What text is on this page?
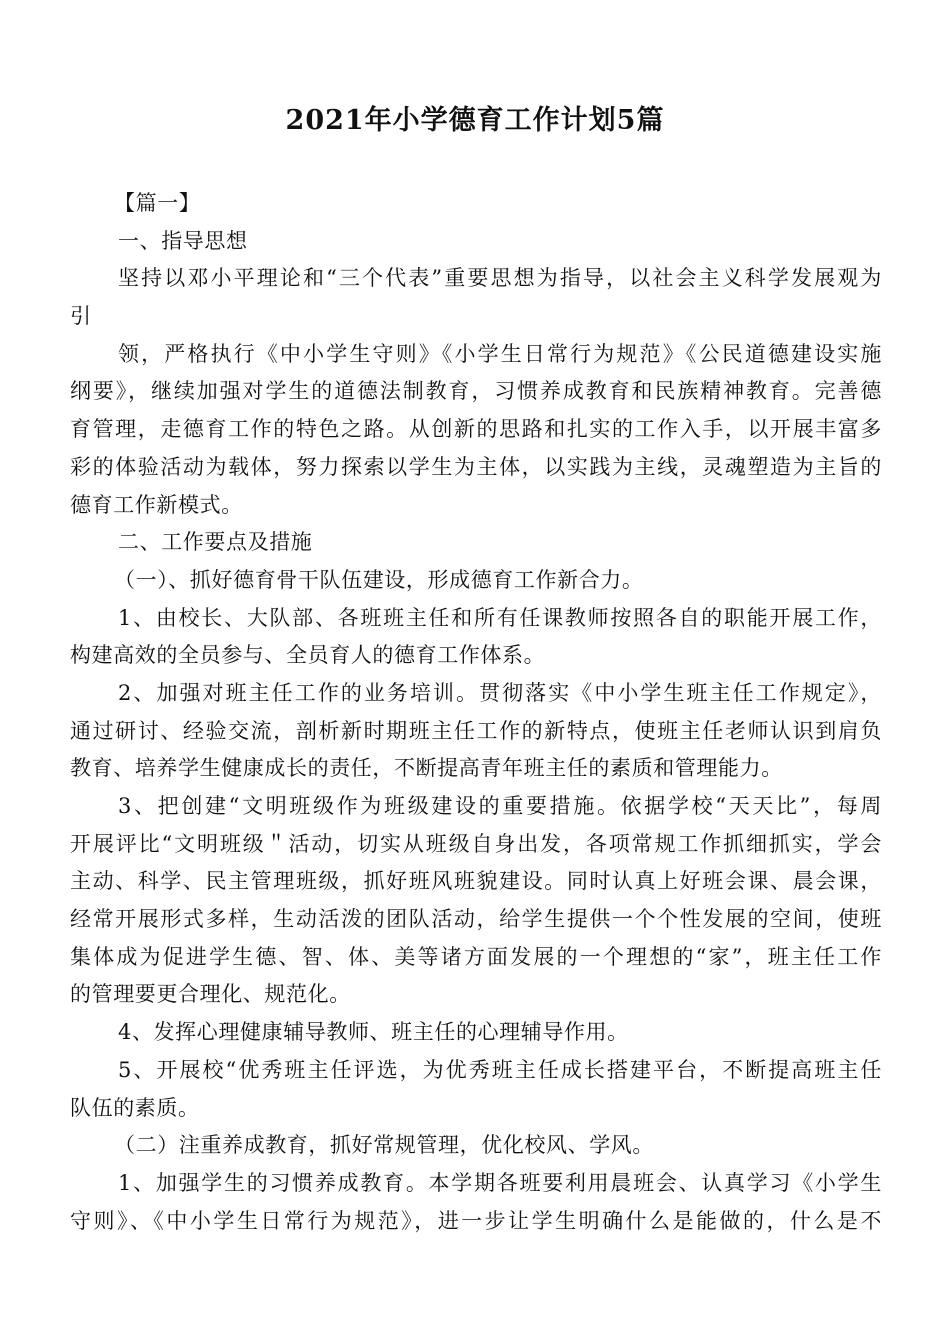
2021年小学德育工作计划5篇
【篇一】
一、指导思想
坚持以邓小平理论和“三个代表”重要思想为指导，以社会主义科学发展观为
引
领，严格执行《中小学生守则》《小学生日常行为规范》《公民道德建设实施
纲要》，继续加强对学生的道德法制教育，习惯养成教育和民族精神教育。完善德
育管理，走德育工作的特色之路。从创新的思路和扎实的工作入手，以开展丰富多
彩的体验活动为载体，努力探索以学生为主体，以实践为主线，灵魂塑造为主旨的
德育工作新模式。
二、工作要点及措施
（一）、抓好德育骨干队伍建设，形成德育工作新合力。
1、由校长、大队部、各班班主任和所有任课教师按照各自的职能开展工作，
构建高效的全员参与、全员育人的德育工作体系。
2、加强对班主任工作的业务培训。贯彻落实《中小学生班主任工作规定》，
通过研讨、经验交流，剖析新时期班主任工作的新特点，使班主任老师认识到肩负
教育、培养学生健康成长的责任，不断提高青年班主任的素质和管理能力。
3、把创建“文明班级作为班级建设的重要措施。依据学校“天天比”，每周
开展评比“文明班级＂活动，切实从班级自身出发，各项常规工作抓细抓实，学会
主动、科学、民主管理班级，抓好班风班貌建设。同时认真上好班会课、晨会课，
经常开展形式多样，生动活泼的团队活动，给学生提供一个个性发展的空间，使班
集体成为促进学生德、智、体、美等诸方面发展的一个理想的“家”，班主任工作
的管理要更合理化、规范化。
4、发挥心理健康辅导教师、班主任的心理辅导作用。
5、开展校“优秀班主任评选，为优秀班主任成长搭建平台，不断提高班主任
队伍的素质。
（二）注重养成教育，抓好常规管理，优化校风、学风。
1、加强学生的习惯养成教育。本学期各班要利用晨班会、认真学习《小学生
守则》、《中小学生日常行为规范》，进一步让学生明确什么是能做的，什么是不
